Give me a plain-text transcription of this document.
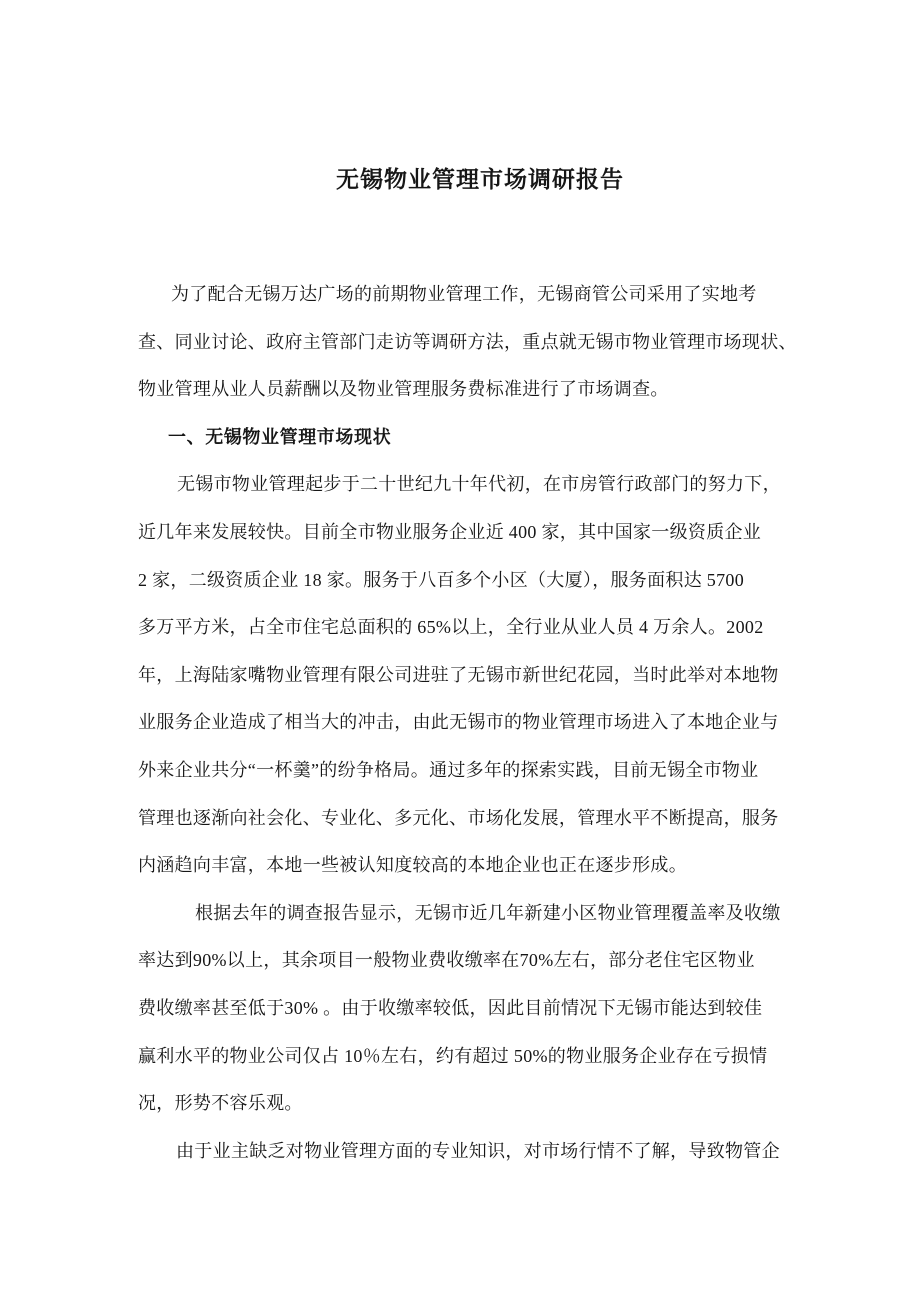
无锡物业管理市场调研报告
为了配合无锡万达广场的前期物业管理工作，无锡商管公司采用了实地考
查、同业讨论、政府主管部门走访等调研方法，重点就无锡市物业管理市场现状、
物业管理从业人员薪酬以及物业管理服务费标准进行了市场调查。
一、无锡物业管理市场现状
无锡市物业管理起步于二十世纪九十年代初，在市房管行政部门的努力下，
近几年来发展较快。目前全市物业服务企业近 400 家，其中国家一级资质企业
2 家，二级资质企业 18 家。服务于八百多个小区（大厦），服务面积达 5700
多万平方米，占全市住宅总面积的 65%以上，全行业从业人员 4 万余人。2002
年，上海陆家嘴物业管理有限公司进驻了无锡市新世纪花园，当时此举对本地物
业服务企业造成了相当大的冲击，由此无锡市的物业管理市场进入了本地企业与
外来企业共分“一杯羹”的纷争格局。通过多年的探索实践，目前无锡全市物业
管理也逐渐向社会化、专业化、多元化、市场化发展，管理水平不断提高，服务
内涵趋向丰富，本地一些被认知度较高的本地企业也正在逐步形成。
根据去年的调查报告显示，无锡市近几年新建小区物业管理覆盖率及收缴
率达到90%以上，其余项目一般物业费收缴率在70%左右，部分老住宅区物业
费收缴率甚至低于30% 。由于收缴率较低，因此目前情况下无锡市能达到较佳
赢利水平的物业公司仅占 10％左右，约有超过 50%的物业服务企业存在亏损情
况，形势不容乐观。
由于业主缺乏对物业管理方面的专业知识，对市场行情不了解，导致物管企
